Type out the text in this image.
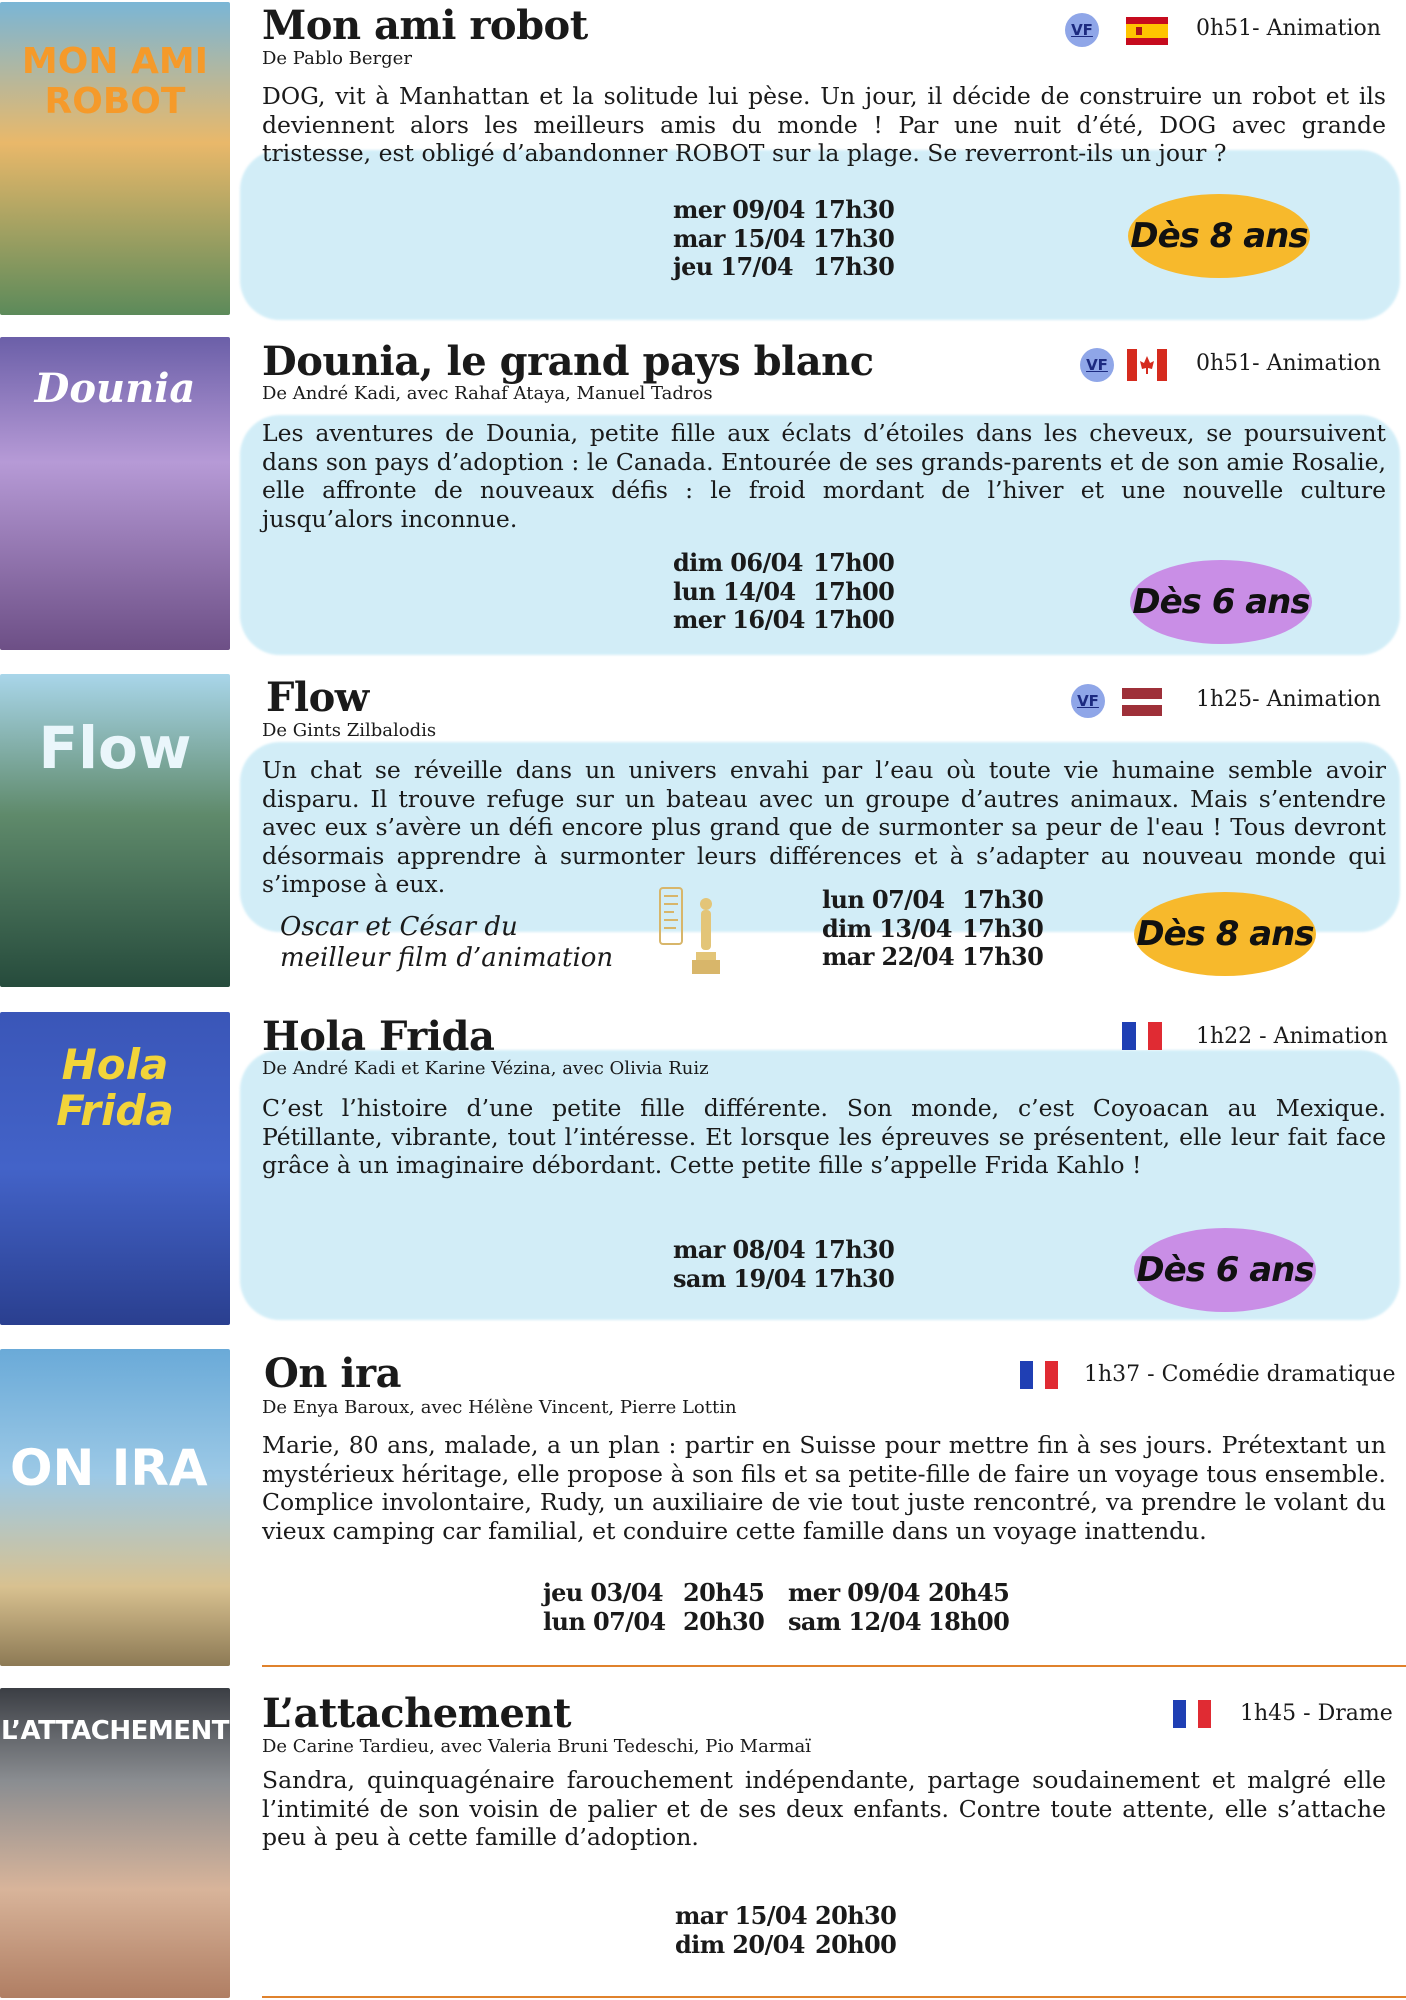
MON AMI ROBOT
Mon ami robot
De Pablo Berger
VF	0h51- Animation
DOG, vit à Manhattan et la solitude lui pèse. Un jour, il décide de construire un robot et ils deviennent alors les meilleurs amis du monde ! Par une nuit d’été, DOG avec grande tristesse, est obligé d’abandonner ROBOT sur la plage. Se reverront-ils un jour ?
mer 09/04 17h30
mar 15/04 17h30
jeu 17/04 17h30
Dès 8 ans
Dounia
Dounia, le grand pays blanc
De André Kadi, avec Rahaf Ataya, Manuel Tadros
VF	0h51- Animation
Les aventures de Dounia, petite fille aux éclats d’étoiles dans les cheveux, se poursuivent dans son pays d’adoption : le Canada. Entourée de ses grands-parents et de son amie Rosalie, elle affronte de nouveaux défis : le froid mordant de l’hiver et une nouvelle culture jusqu’alors inconnue.
dim 06/04 17h00
lun 14/04 17h00
mer 16/04 17h00	Dès 6 ans
Flow
Flow
De Gints Zilbalodis
VF	1h25- Animation
Un chat se réveille dans un univers envahi par l’eau où toute vie humaine semble avoir disparu. Il trouve refuge sur un bateau avec un groupe d’autres animaux. Mais s’entendre avec eux s’avère un défi encore plus grand que de surmonter sa peur de l'eau ! Tous devront désormais apprendre à surmonter leurs différences et à s’adapter au nouveau monde qui s’impose à eux.
Oscar et César du
meilleur film d’animation
lun 07/04 17h30
dim 13/04 17h30
mar 22/04 17h30
Dès 8 ans
Hola Frida
Hola Frida
De André Kadi et Karine Vézina, avec Olivia Ruiz
1h22 - Animation
C’est l’histoire d’une petite fille différente. Son monde, c’est Coyoacan au Mexique. Pétillante, vibrante, tout l’intéresse. Et lorsque les épreuves se présentent, elle leur fait face grâce à un imaginaire débordant. Cette petite fille s’appelle Frida Kahlo !
mar 08/04 17h30
sam 19/04 17h30	Dès 6 ans
ON IRA
On ira
De Enya Baroux, avec Hélène Vincent, Pierre Lottin
1h37 - Comédie dramatique
Marie, 80 ans, malade, a un plan : partir en Suisse pour mettre fin à ses jours. Prétextant un mystérieux héritage, elle propose à son fils et sa petite-fille de faire un voyage tous ensemble. Complice involontaire, Rudy, un auxiliaire de vie tout juste rencontré, va prendre le volant du vieux camping car familial, et conduire cette famille dans un voyage inattendu.
jeu 03/04 20h45 mer 09/04 20h45
lun 07/04 20h30 sam 12/04 18h00
L’ATTACHEMENT L’attachement
De Carine Tardieu, avec Valeria Bruni Tedeschi, Pio Marmaï
1h45 - Drame
Sandra, quinquagénaire farouchement indépendante, partage soudainement et malgré elle l’intimité de son voisin de palier et de ses deux enfants. Contre toute attente, elle s’attache peu à peu à cette famille d’adoption.
mar 15/04 20h30
dim 20/04 20h00
